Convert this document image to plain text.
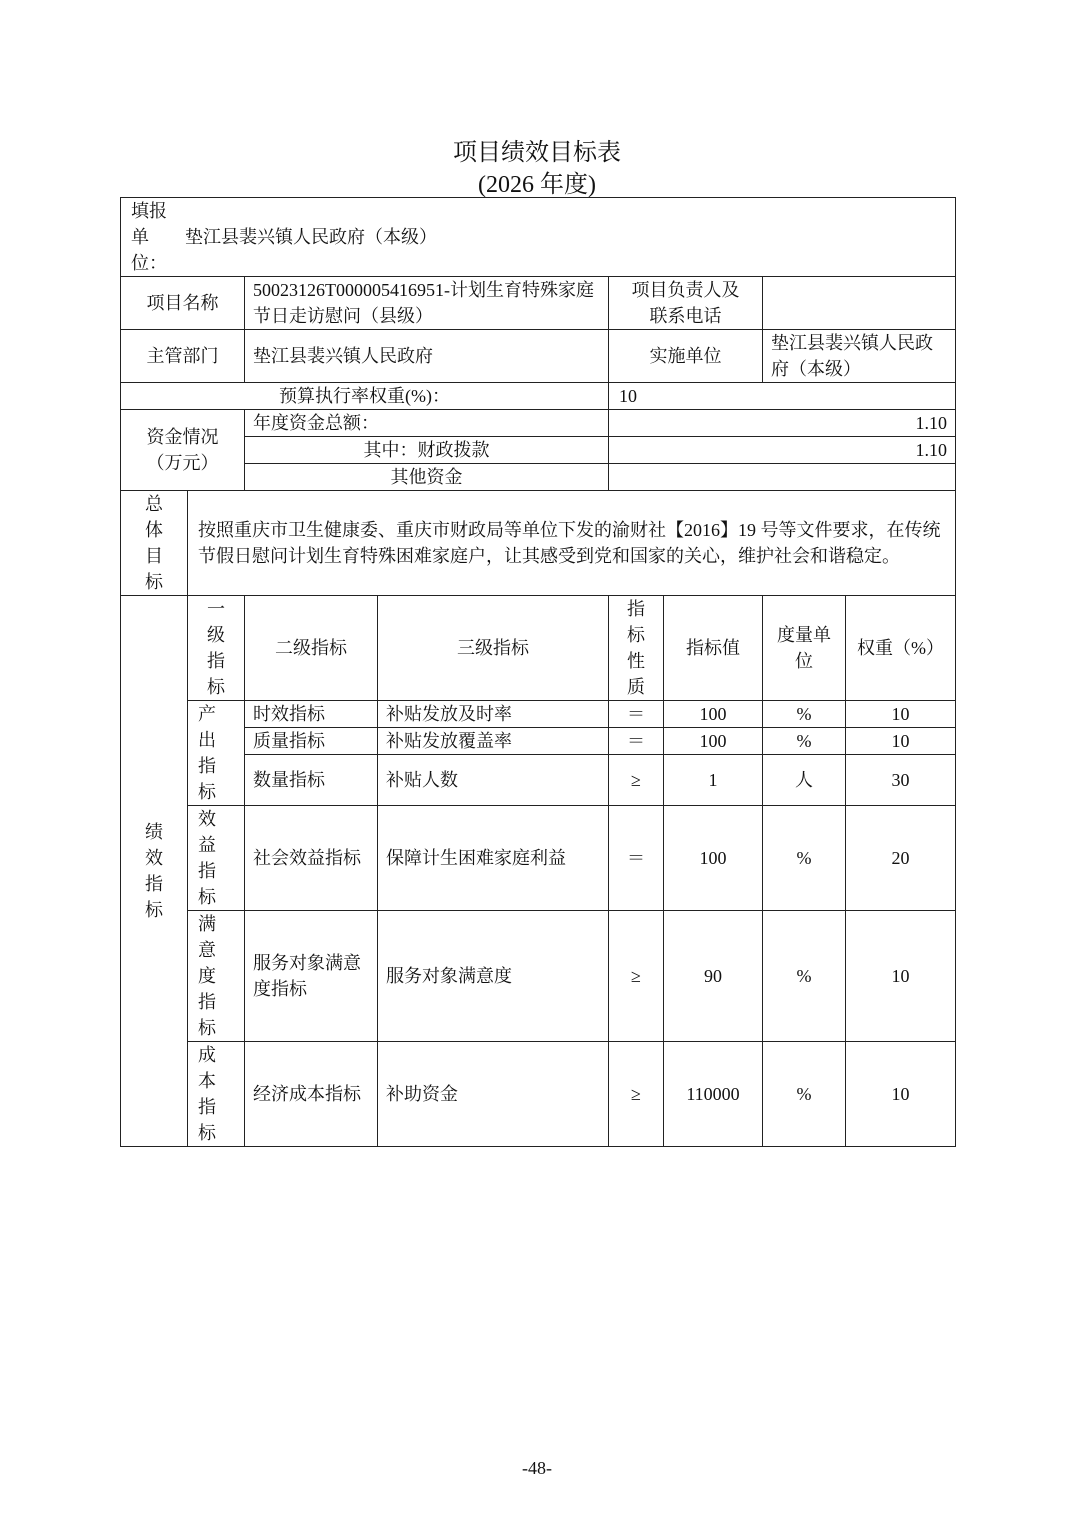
项目绩效目标表
(2026 年度)
填报单位：
垫江县裴兴镇人民政府（本级）							

项目名称		50023126T000005416951-计划生育特殊家庭节日走访慰问（县级）		项目负责人及联系电话			
主管部门		垫江县裴兴镇人民政府		实施单位		垫江县裴兴镇人民政府（本级）	
预算执行率权重(%)：				10			
资金情况（万元）		年度资金总额：		1.10			
		其中：财政拨款		1.10			
		其他资金					
总体目标	按照重庆市卫生健康委、重庆市财政局等单位下发的渝财社【2016】19 号等文件要求，在传统节假日慰问计划生育特殊困难家庭户，让其感受到党和国家的关心，维护社会和谐稳定。						
绩效指标	一级指标	二级指标	三级指标	指标性质	指标值	度量单位	权重（%）
	产出指标	时效指标	补贴发放及时率	＝	100	%	10
		质量指标	补贴发放覆盖率	＝	100	%	10
		数量指标	补贴人数	≥	1	人	30
	效益指标	社会效益指标	保障计生困难家庭利益	＝	100	%	20
	满意度指标	服务对象满意度指标	服务对象满意度	≥	90	%	10
	成本指标	经济成本指标	补助资金	≥	110000	%	10
-48-
